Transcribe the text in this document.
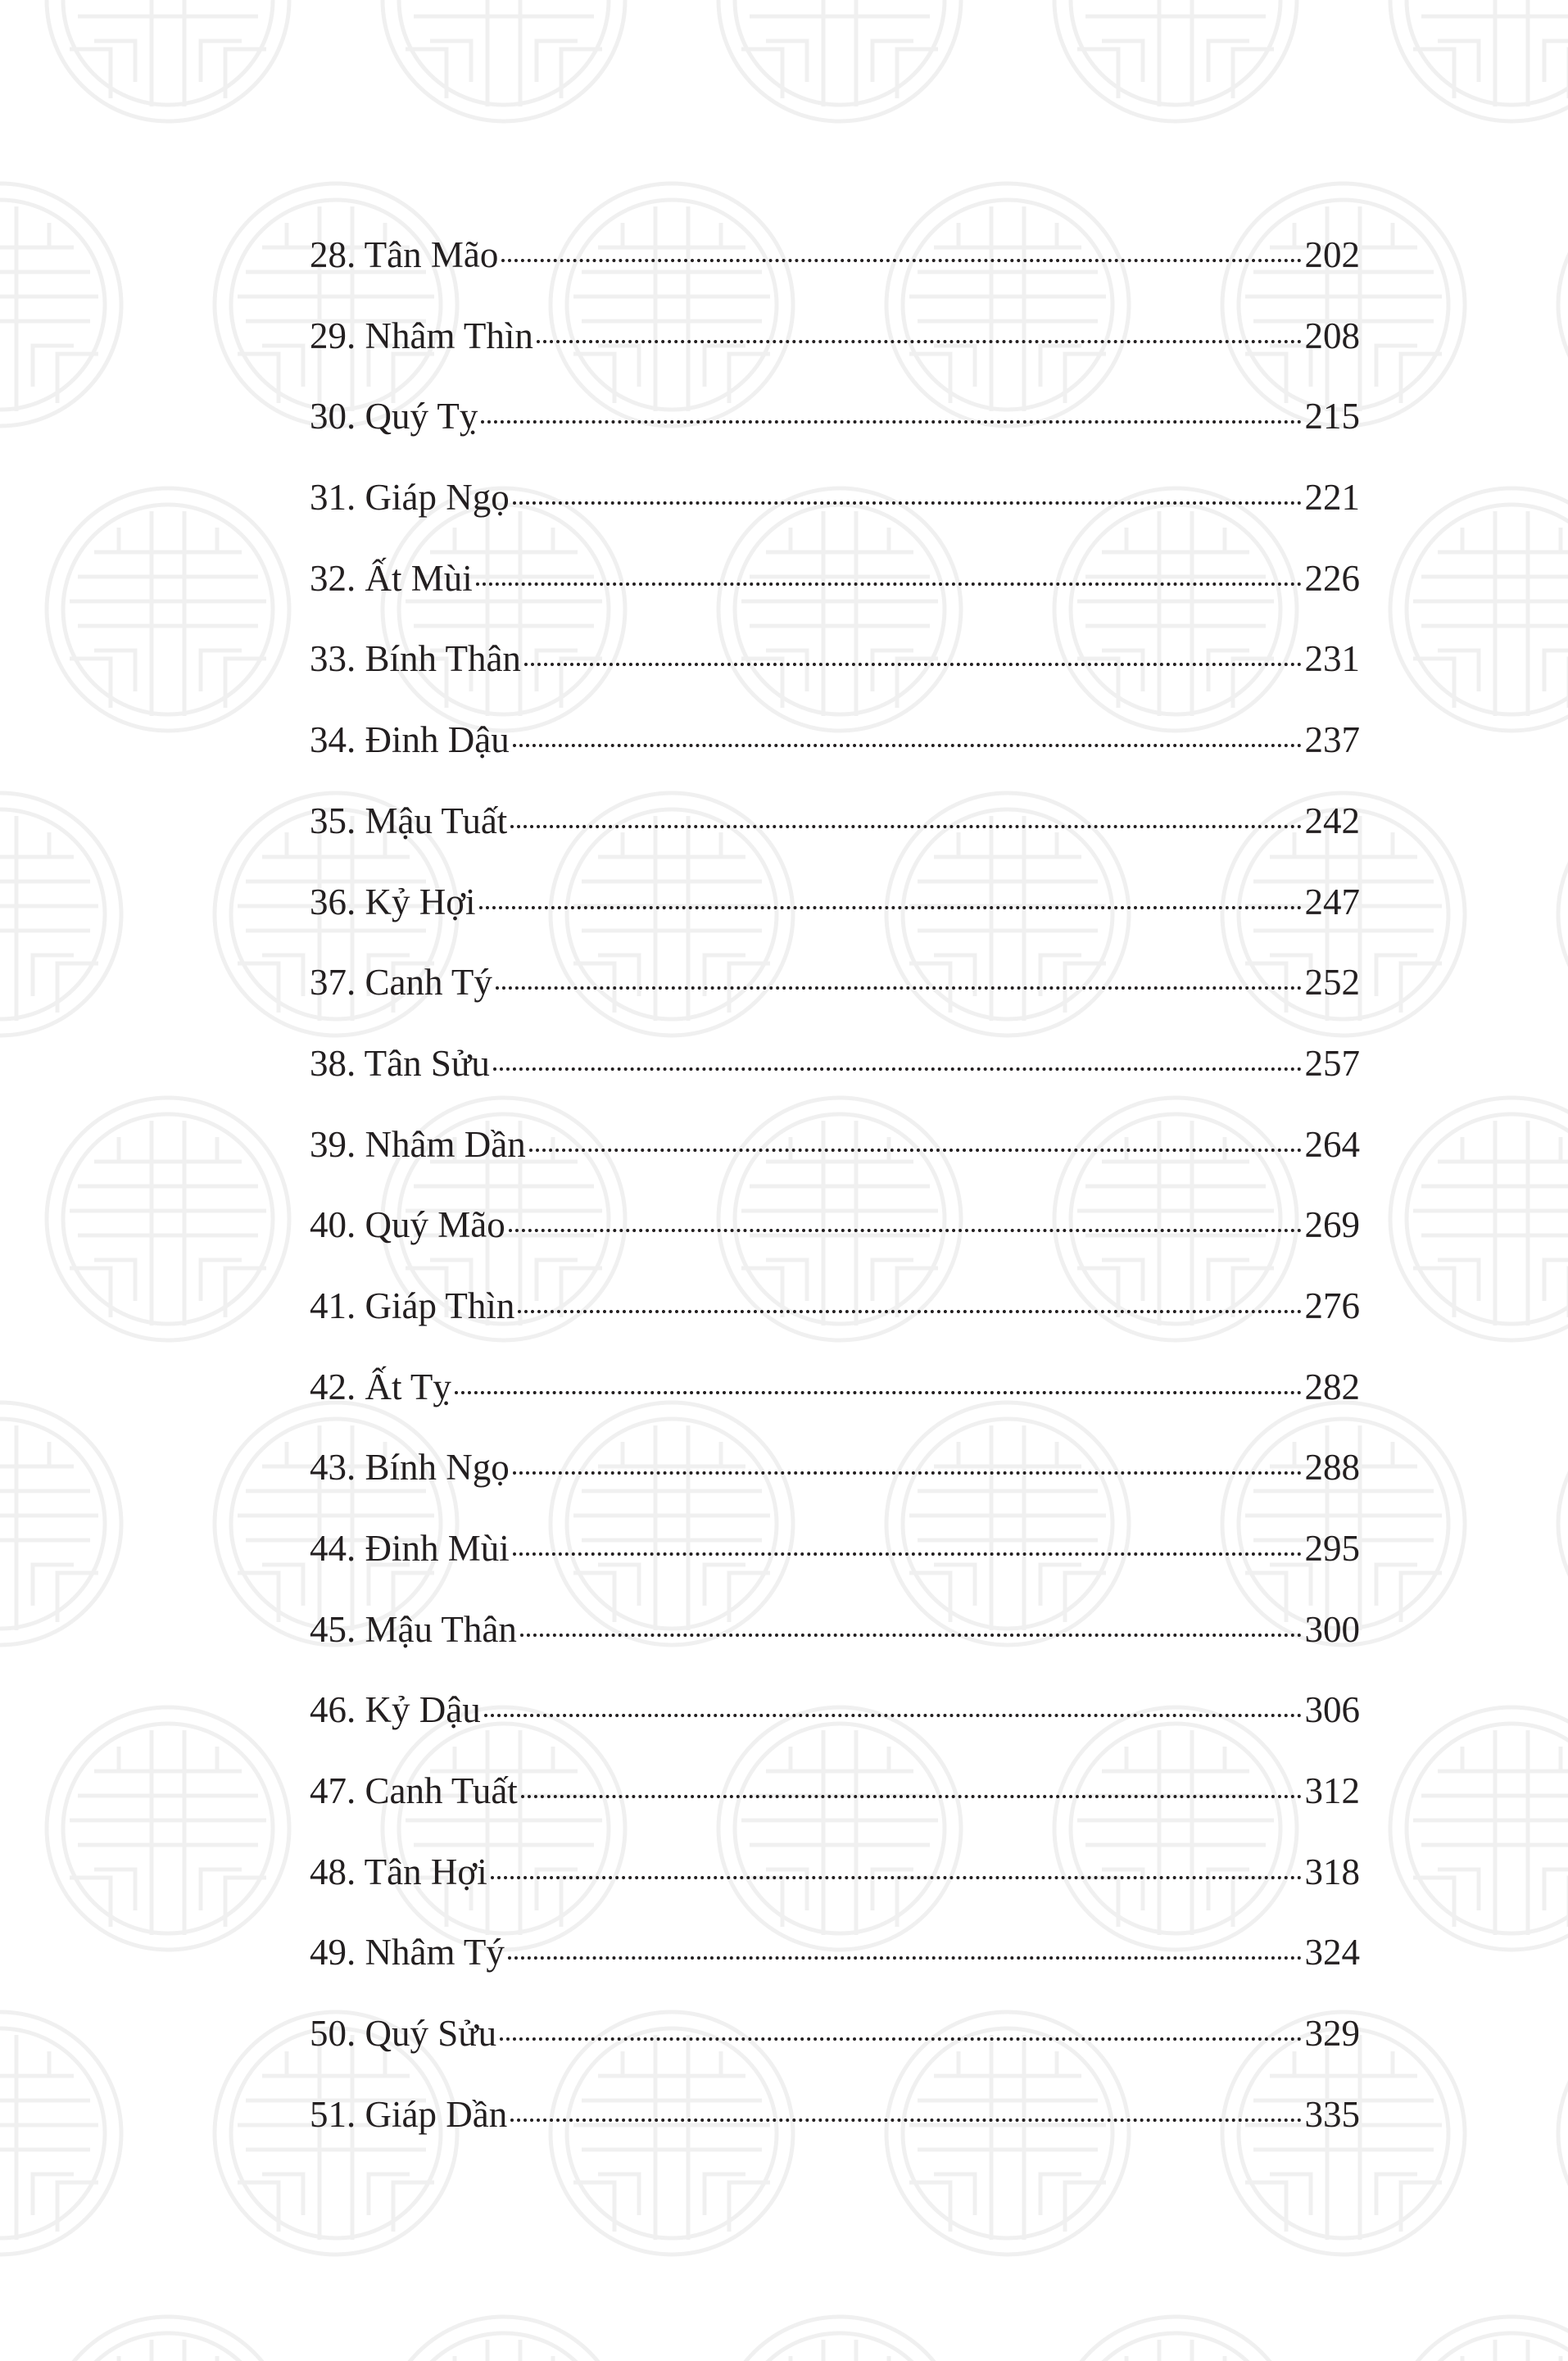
28. Tân Mão	202
29. Nhâm Thìn	208
30. Quý Tỵ	215
31. Giáp Ngọ	221
32. Ất Mùi	226
33. Bính Thân	231
34. Đinh Dậu	237
35. Mậu Tuất	242
36. Kỷ Hợi	247
37. Canh Tý	252
38. Tân Sửu	257
39. Nhâm Dần	264
40. Quý Mão	269
41. Giáp Thìn	276
42. Ất Tỵ	282
43. Bính Ngọ	288
44. Đinh Mùi	295
45. Mậu Thân	300
46. Kỷ Dậu	306
47. Canh Tuất	312
48. Tân Hợi	318
49. Nhâm Tý	324
50. Quý Sửu	329
51. Giáp Dần	335
